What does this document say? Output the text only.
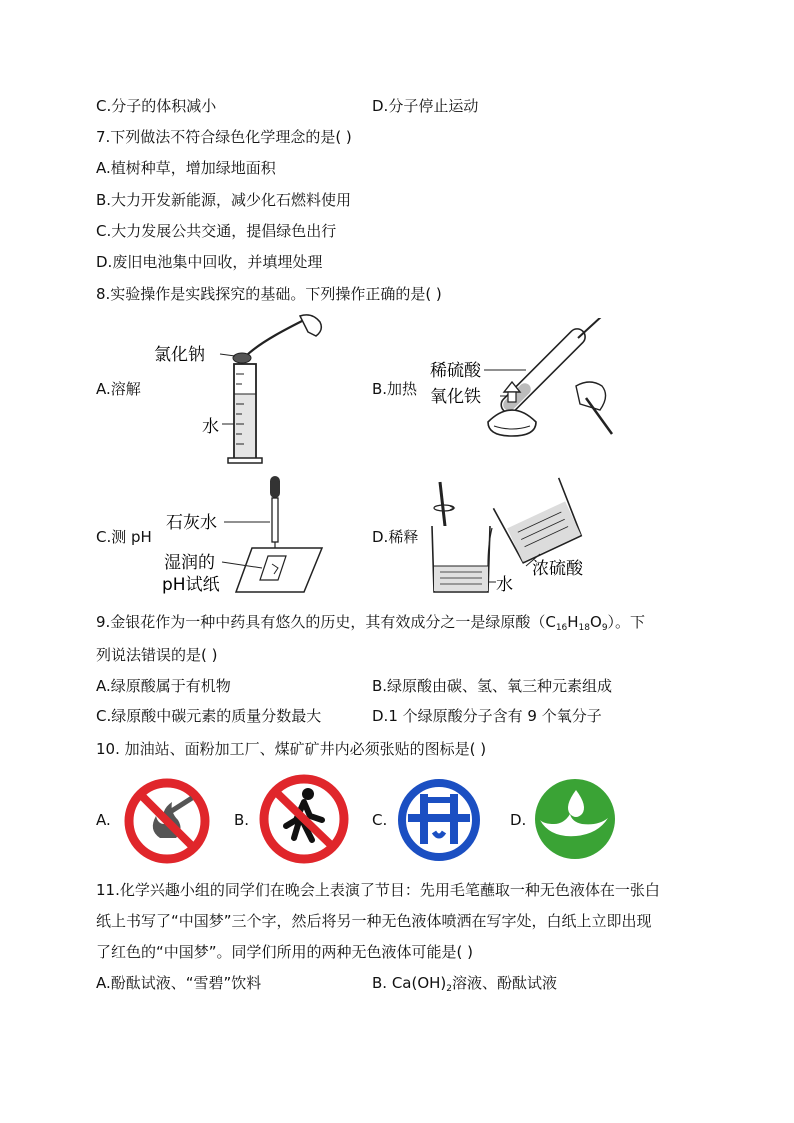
C.分子的体积减小	D.分子停止运动
7.下列做法不符合绿色化学理念的是( )
A.植树种草，增加绿地面积
B.大力开发新能源，减少化石燃料使用
C.大力发展公共交通，提倡绿色出行
D.废旧电池集中回收，并填埋处理
8.实验操作是实践探究的基础。下列操作正确的是( )
A.溶解
氯化钠
水
B.加热
稀硫酸
氧化铁
C.测 pH
石灰水
湿润的
pH试纸
D.稀释
浓硫酸
水
9.金银花作为一种中药具有悠久的历史，其有效成分之一是绿原酸$(C_{16}H_{18}O_9)$。下
列说法错误的是( )
A.绿原酸属于有机物	B.绿原酸由碳、氢、氧三种元素组成
C.绿原酸中碳元素的质量分数最大	D.1 个绿原酸分子含有 9 个氧分子
10. 加油站、面粉加工厂、煤矿矿井内必须张贴的图标是( )
A.	B.	C.	D.
11.化学兴趣小组的同学们在晚会上表演了节目：先用毛笔蘸取一种无色液体在一张白
纸上书写了“中国梦”三个字，然后将另一种无色液体喷洒在写字处，白纸上立即出现
了红色的“中国梦”。同学们所用的两种无色液体可能是( )
A.酚酞试液、“雪碧”饮料	B. $Ca(OH)_2$溶液、酚酞试液
